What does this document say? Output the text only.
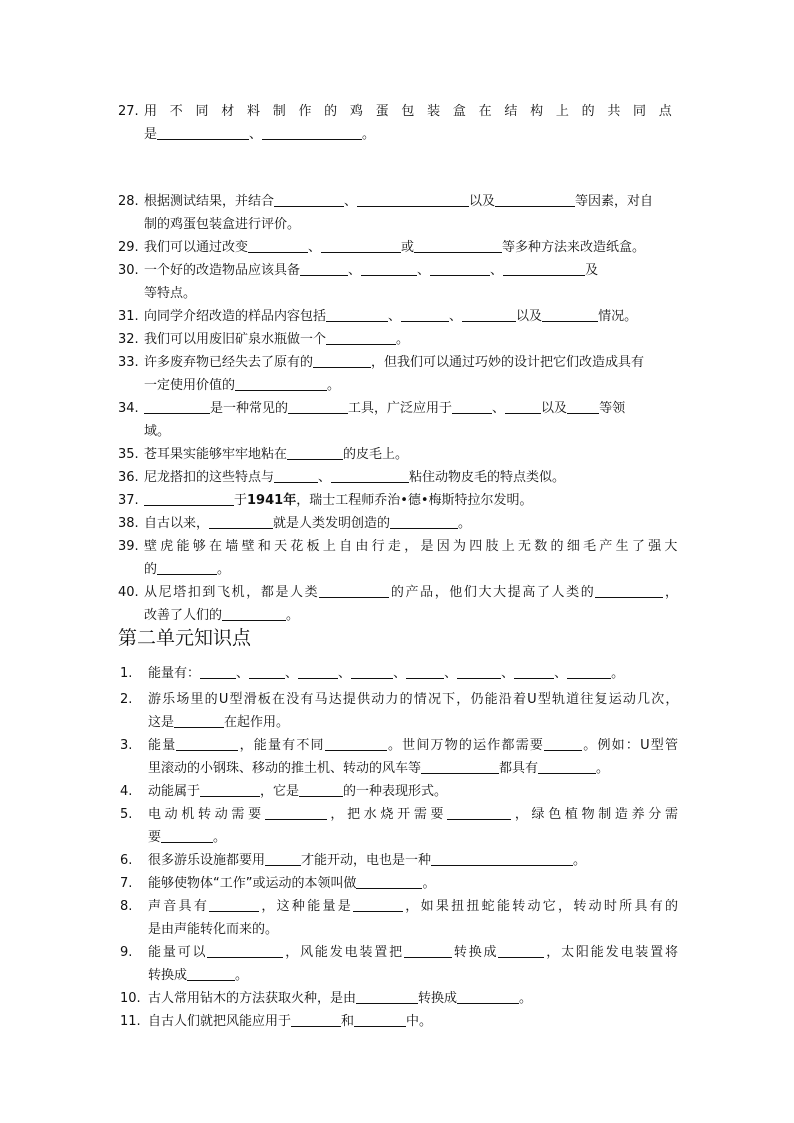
27. 用不同材料制作的鸡蛋包装盒在结构上的共同点
是	、	。
28. 根据测试结果，并结合	、	以及	等因素，对自
制的鸡蛋包装盒进行评价。
29. 我们可以通过改变	、	或	等多种方法来改造纸盒。
30. 一个好的改造物品应该具备	、	、	、	及
等特点。
31. 向同学介绍改造的样品内容包括	、	、	以及	情况。
32. 我们可以用废旧矿泉水瓶做一个	。
33. 许多废弃物已经失去了原有的	，但我们可以通过巧妙的设计把它们改造成具有
一定使用价值的	。
34.	是一种常见的	工具，广泛应用于	、	以及 等领
域。
35. 苍耳果实能够牢牢地粘在	的皮毛上。
36. 尼龙搭扣的这些特点与	、	粘住动物皮毛的特点类似。
37.	于1941年，瑞士工程师乔治•德•梅斯特拉尔发明。
38. 自古以来，	就是人类发明创造的	。
39. 壁虎能够在墙壁和天花板上自由行走，是因为四肢上无数的细毛产生了强大
的	。
40. 从尼塔扣到飞机，都是人类	的产品，他们大大提高了人类的	，
改善了人们的	。
第二单元知识点
1. 能量有：	、	、	、	、	、	、	、	。
2. 游乐场里的U型滑板在没有马达提供动力的情况下，仍能沿着U型轨道往复运动几次，
这是	在起作用。
3. 能量	，能量有不同	。世间万物的运作都需要	。例如：U型管
里滚动的小钢珠、移动的推土机、转动的风车等	都具有	。
4. 动能属于	，它是	的一种表现形式。
5. 电动机转动需要	，把水烧开需要	，绿色植物制造养分需
要	。
6. 很多游乐设施都要用	才能开动，电也是一种	。
7. 能够使物体“工作”或运动的本领叫做	。
8. 声音具有	，这种能量是	，如果扭扭蛇能转动它，转动时所具有的
是由声能转化而来的。
9. 能量可以	，风能发电装置把	转换成	，太阳能发电装置将
转换成	。
10. 古人常用钻木的方法获取火种，是由	转换成	。
11. 自古人们就把风能应用于	和	中。
